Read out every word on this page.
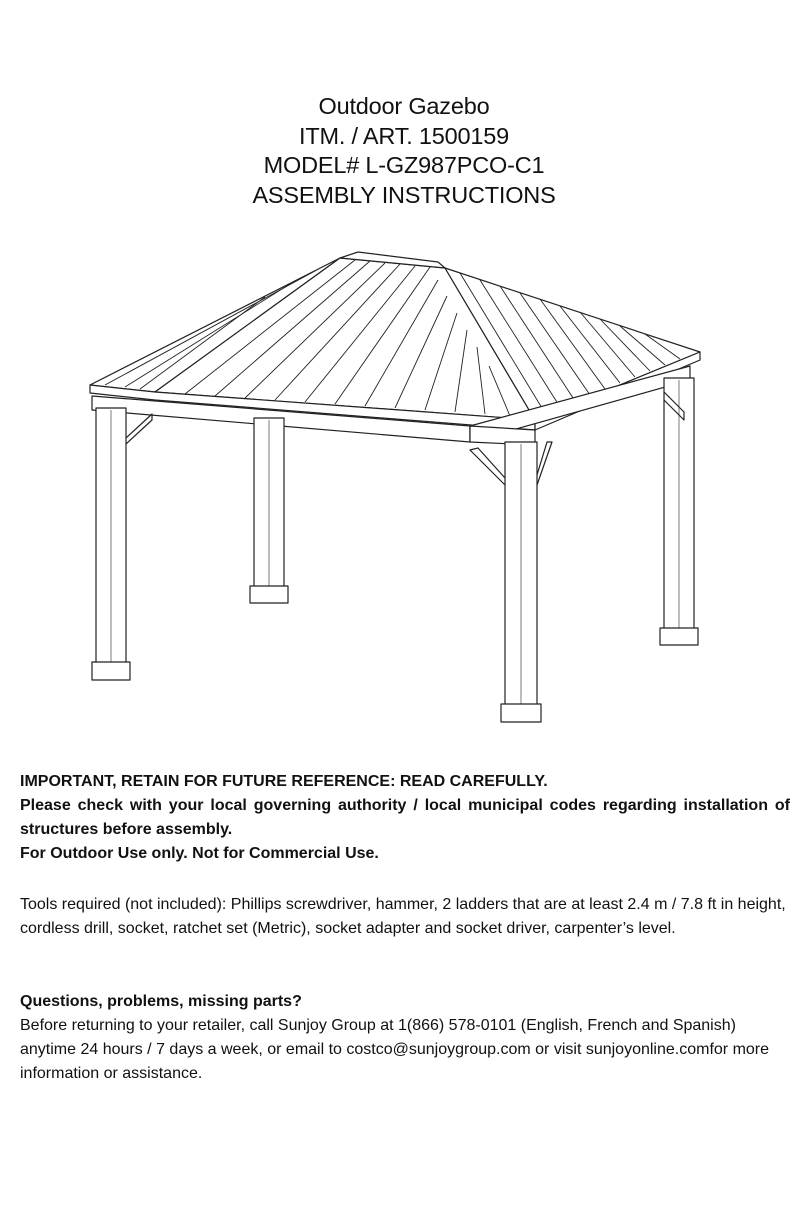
Outdoor Gazebo
ITM. / ART. 1500159
MODEL# L-GZ987PCO-C1
ASSEMBLY INSTRUCTIONS

IMPORTANT, RETAIN FOR FUTURE REFERENCE: READ CAREFULLY.

Please check with your local governing authority / local municipal codes regarding installation of structures before assembly.

For Outdoor Use only. Not for Commercial Use.

Tools required (not included): Phillips screwdriver, hammer, 2 ladders that are at least 2.4 m / 7.8 ft in height, cordless drill, socket, ratchet set (Metric), socket adapter and socket driver, carpenter’s level.

Questions, problems, missing parts?

Before returning to your retailer, call Sunjoy Group at 1(866) 578-0101 (English, French and Spanish) anytime 24 hours / 7 days a week, or email to costco@sunjoygroup.com or visit sunjoyonline.comfor more information or assistance.
